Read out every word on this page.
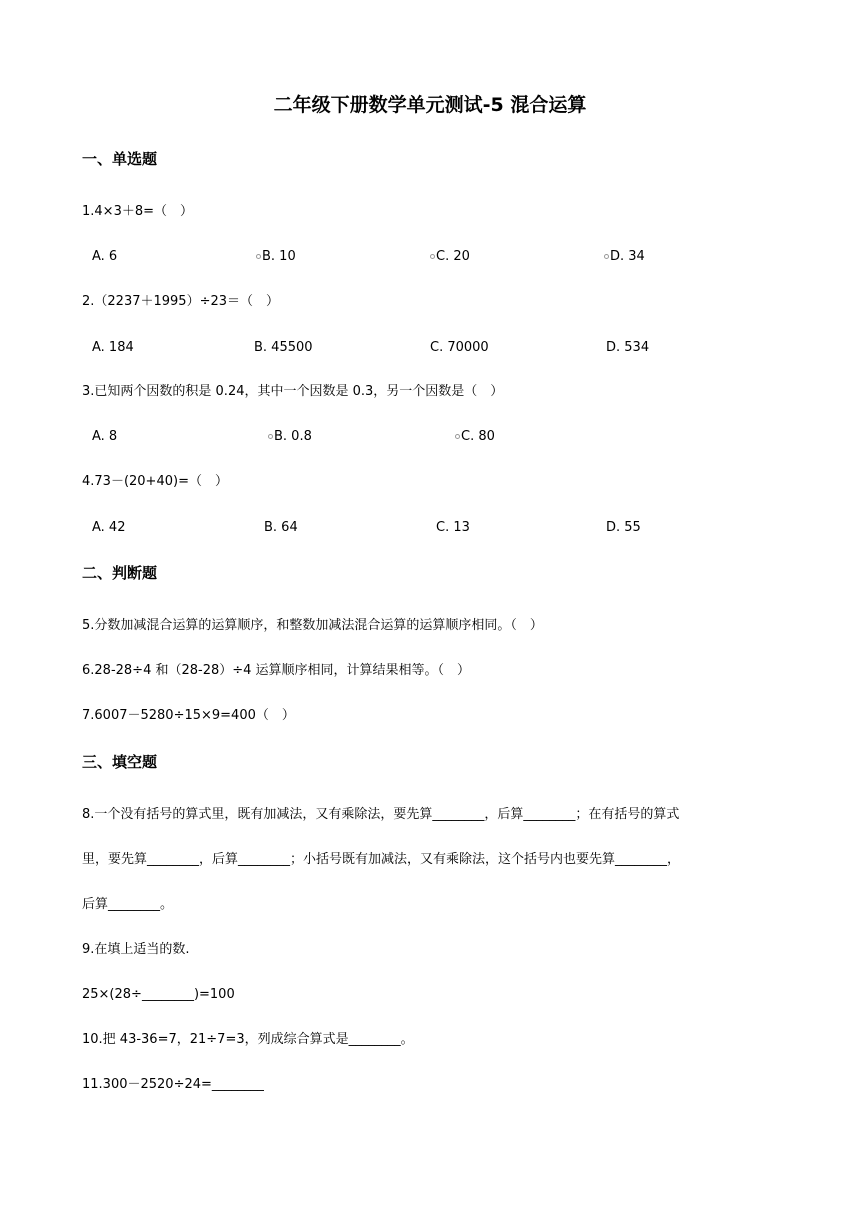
二年级下册数学单元测试-5 混合运算
一、单选题
1.4×3＋8=（　）
A. 6	B. 10	C. 20	D. 34
2.（2237＋1995）÷23＝（　）
A. 184	B. 45500	C. 70000	D. 534
3.已知两个因数的积是 0.24，其中一个因数是 0.3，另一个因数是（　）
A. 8	B. 0.8	C. 80
4.73－(20+40)=（　）
A. 42	B. 64	C. 13	D. 55
二、判断题
5.分数加减混合运算的运算顺序，和整数加减法混合运算的运算顺序相同。（　）
6.28-28÷4 和（28-28）÷4 运算顺序相同，计算结果相等。（　）
7.6007－5280÷15×9=400（　）
三、填空题
8.一个没有括号的算式里，既有加减法，又有乘除法，要先算________，后算________；在有括号的算式
里，要先算________，后算________；小括号既有加减法，又有乘除法，这个括号内也要先算________，
后算________。
9.在填上适当的数.
25×(28÷________)=100
10.把 43-36=7，21÷7=3，列成综合算式是________。
11.300－2520÷24=________
